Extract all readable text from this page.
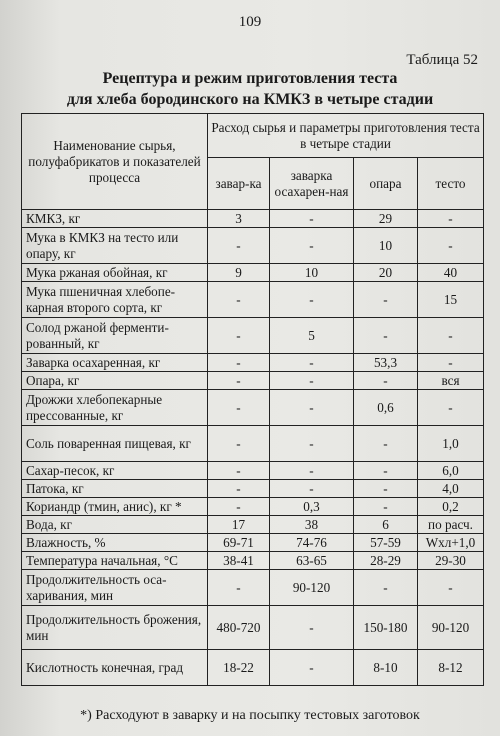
109
Таблица 52
Рецептура и режим приготовления теста
для хлеба бородинского на КМКЗ в четыре стадии
Наименование сырья, полуфабрикатов и показателей процесса	Расход сырья и параметры приготовления теста в четыре стадии			
	завар-ка	заварка осахарен-ная	опара	тесто
КМКЗ, кг	3	-	29	-
Мука в КМКЗ на тесто или опару, кг	-	-	10	-
Мука ржаная обойная, кг	9	10	20	40
Мука пшеничная хлебопе-карная второго сорта, кг	-	-	-	15
Солод ржаной ферменти-рованный, кг	-	5	-	-
Заварка осахаренная, кг	-	-	53,3	-
Опара, кг	-	-	-	вся
Дрожжи хлебопекарные прессованные, кг	-	-	0,6	-
Соль поваренная пищевая, кг	-	-	-	1,0
Сахар-песок, кг	-	-	-	6,0
Патока, кг	-	-	-	4,0
Кориандр (тмин, анис), кг *	-	0,3	-	0,2
Вода, кг	17	38	6	по расч.
Влажность, %	69-71	74-76	57-59	Wхл+1,0
Температура начальная, °С	38-41	63-65	28-29	29-30
Продолжительность оса-харивания, мин	-	90-120	-	-
Продолжительность брожения, мин	480-720	-	150-180	90-120
Кислотность конечная, град	18-22	-	8-10	8-12
*) Расходуют в заварку и на посыпку тестовых заготовок
